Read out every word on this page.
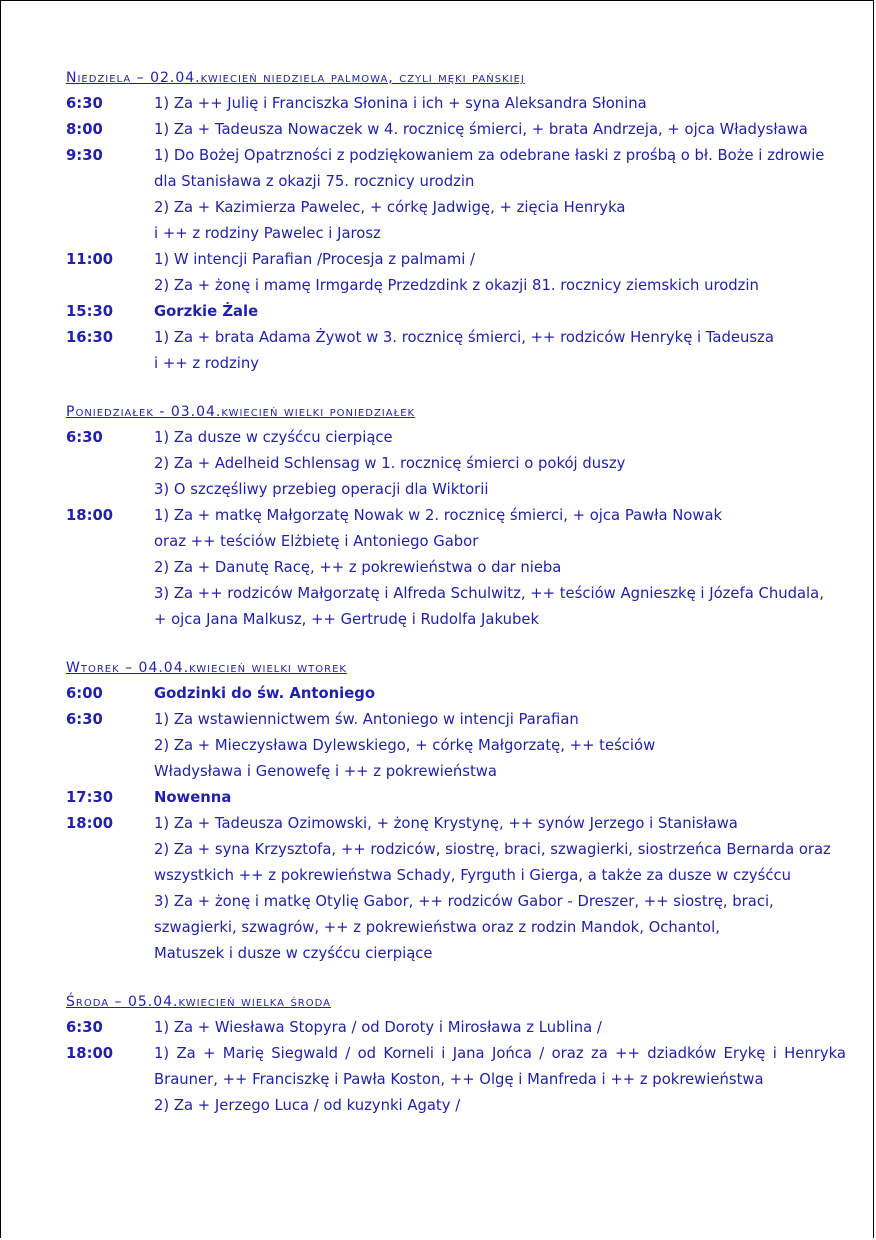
Niedziela – 02.04.kwiecień niedziela palmowa, czyli męki pańskiej
6:30	1) Za ++ Julię i Franciszka Słonina i ich + syna Aleksandra Słonina
8:00	1) Za + Tadeusza Nowaczek w 4. rocznicę śmierci, + brata Andrzeja, + ojca Władysława
9:30	1) Do Bożej Opatrzności z podziękowaniem za odebrane łaski z prośbą o bł. Boże i zdrowie
dla Stanisława z okazji 75. rocznicy urodzin
2) Za + Kazimierza Pawelec, + córkę Jadwigę, + zięcia Henryka
i ++ z rodziny Pawelec i Jarosz
11:00	1) W intencji Parafian /Procesja z palmami /
2) Za + żonę i mamę Irmgardę Przedzdink z okazji 81. rocznicy ziemskich urodzin
15:30	Gorzkie Żale
16:30	1) Za + brata Adama Żywot w 3. rocznicę śmierci, ++ rodziców Henrykę i Tadeusza
i ++ z rodziny
Poniedziałek - 03.04.kwiecień wielki poniedziałek
6:30	1) Za dusze w czyśćcu cierpiące
2) Za + Adelheid Schlensag w 1. rocznicę śmierci o pokój duszy
3) O szczęśliwy przebieg operacji dla Wiktorii
18:00	1) Za + matkę Małgorzatę Nowak w 2. rocznicę śmierci, + ojca Pawła Nowak
oraz ++ teściów Elżbietę i Antoniego Gabor
2) Za + Danutę Racę, ++ z pokrewieństwa o dar nieba
3) Za ++ rodziców Małgorzatę i Alfreda Schulwitz, ++ teściów Agnieszkę i Józefa Chudala,
+ ojca Jana Malkusz, ++ Gertrudę i Rudolfa Jakubek
Wtorek – 04.04.kwiecień wielki wtorek
6:00	Godzinki do św. Antoniego
6:30	1) Za wstawiennictwem św. Antoniego w intencji Parafian
2) Za + Mieczysława Dylewskiego, + córkę Małgorzatę, ++ teściów
Władysława i Genowefę i ++ z pokrewieństwa
17:30	Nowenna
18:00	1) Za + Tadeusza Ozimowski, + żonę Krystynę, ++ synów Jerzego i Stanisława
2) Za + syna Krzysztofa, ++ rodziców, siostrę, braci, szwagierki, siostrzeńca Bernarda oraz
wszystkich ++ z pokrewieństwa Schady, Fyrguth i Gierga, a także za dusze w czyśćcu
3) Za + żonę i matkę Otylię Gabor, ++ rodziców Gabor - Dreszer, ++ siostrę, braci,
szwagierki, szwagrów, ++ z pokrewieństwa oraz z rodzin Mandok, Ochantol,
Matuszek i dusze w czyśćcu cierpiące
Środa – 05.04.kwiecień wielka środa
6:30	1) Za + Wiesława Stopyra / od Doroty i Mirosława z Lublina /
18:00	1) Za + Marię Siegwald / od Korneli i Jana Jońca / oraz za ++ dziadków Erykę i Henryka Brauner, ++ Franciszkę i Pawła Koston, ++ Olgę i Manfreda i ++ z pokrewieństwa
2) Za + Jerzego Luca / od kuzynki Agaty /
